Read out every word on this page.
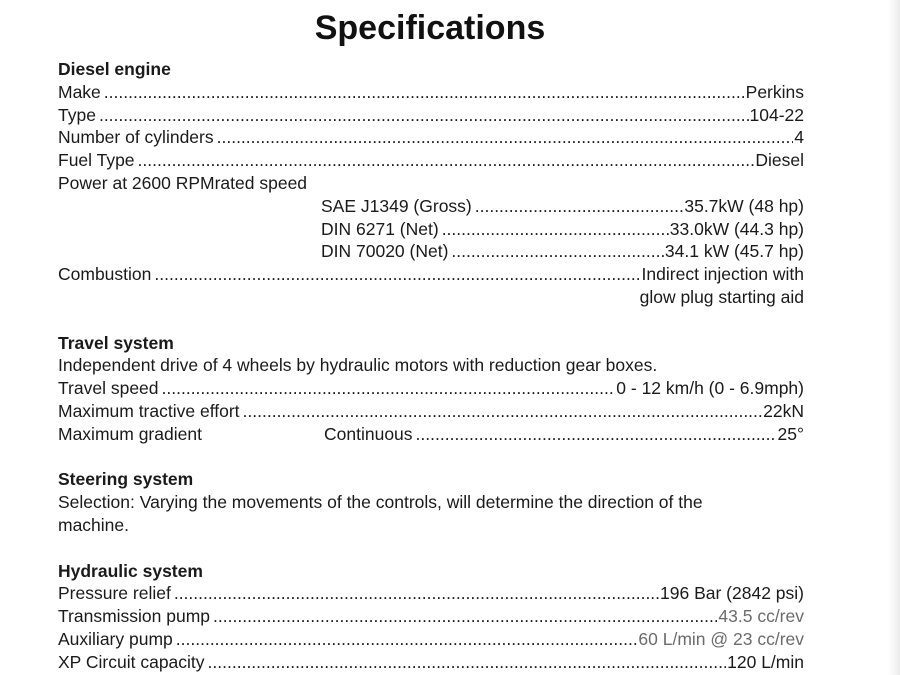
Specifications
Diesel engine
Make .....	Perkins
Type .....	104-22
Number of cylinders .....	4
Fuel Type .....	Diesel
Power at 2600 RPMrated speed
SAE J1349 (Gross) .....	35.7kW (48 hp)
DIN 6271 (Net) .....	33.0kW (44.3 hp)
DIN 70020 (Net) .....	34.1 kW (45.7 hp)
Combustion .....	Indirect injection with
glow plug starting aid
Travel system
Independent drive of 4 wheels by hydraulic motors with reduction gear boxes.
Travel speed .....	0 - 12 km/h (0 - 6.9mph)
Maximum tractive effort .....	22kN
Maximum gradient	Continuous .....	25°
Steering system
Selection: Varying the movements of the controls, will determine the direction of the machine.
Hydraulic system
Pressure relief .....	196 Bar (2842 psi)
Transmission pump .....	43.5 cc/rev
Auxiliary pump .....	60 L/min @ 23 cc/rev
XP Circuit capacity .....	120 L/min
